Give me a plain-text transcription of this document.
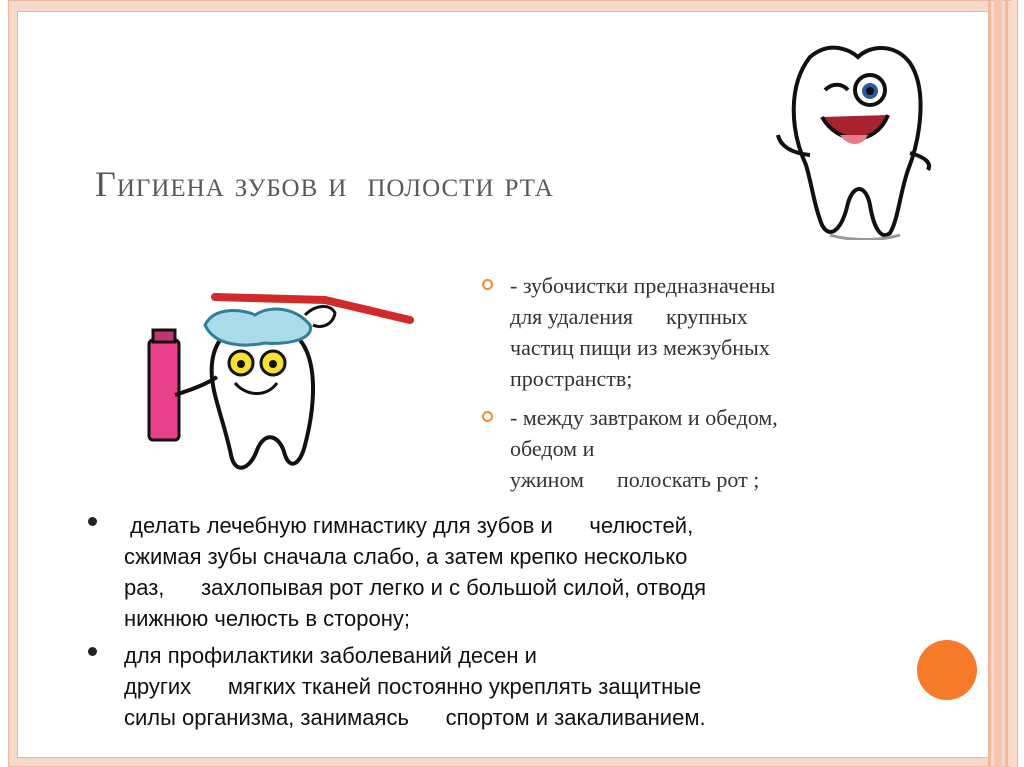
Гигиена зубов и  полости рта
- зубочистки предназначены
для удаления      крупных
частиц пищи из межзубных
пространств;
- между завтраком и обедом,
обедом и
ужином      полоскать рот ;
делать лечебную гимнастику для зубов и      челюстей,
сжимая зубы сначала слабо, а затем крепко несколько
раз,      захлопывая рот легко и с большой силой, отводя
нижнюю челюсть в сторону;
для профилактики заболеваний десен и
других      мягких тканей постоянно укреплять защитные
силы организма, занимаясь      спортом и закаливанием.
